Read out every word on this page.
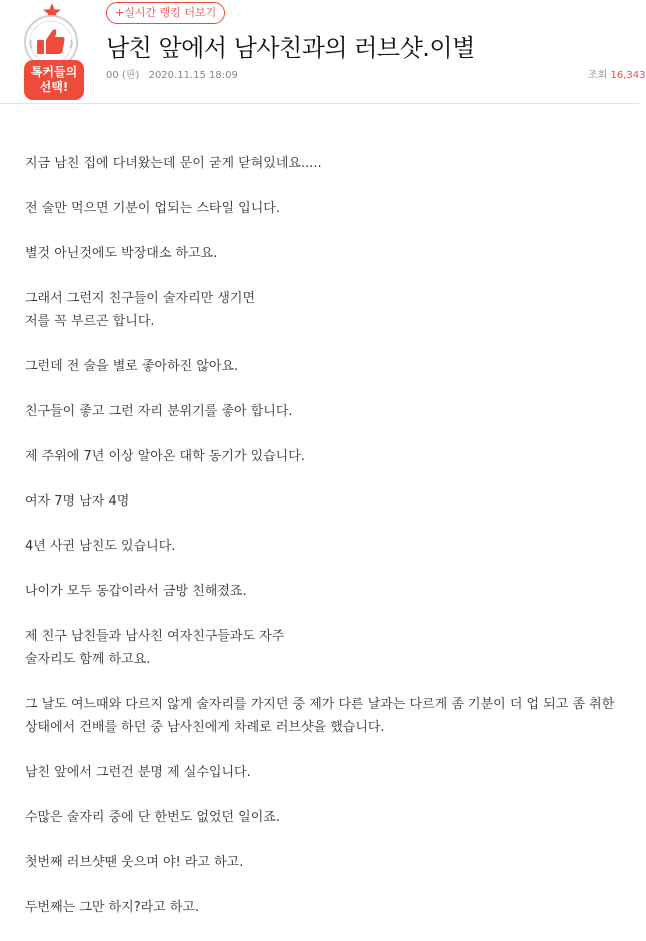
톡커들의
선택!
+실시간 랭킹 더보기
남친 앞에서 남사친과의 러브샷.이별
00 (판) 2020.11.15 18:09	조회 16,343

지금 남친 집에 다녀왔는데 문이 굳게 닫혀있네요.....

전 술만 먹으면 기분이 업되는 스타일 입니다.

별것 아닌것에도 박장대소 하고요.

그래서 그런지 친구들이 술자리만 생기면
저를 꼭 부르곤 합니다.

그런데 전 술을 별로 좋아하진 않아요.

친구들이 좋고 그런 자리 분위기를 좋아 합니다.

제 주위에 7년 이상 알아온 대학 동기가 있습니다.

여자 7명 남자 4명

4년 사귄 남친도 있습니다.

나이가 모두 동갑이라서 금방 친해졌죠.

제 친구 남친들과 남사친 여자친구들과도 자주
술자리도 함께 하고요.

그 날도 여느때와 다르지 않게 술자리를 가지던 중 제가 다른 날과는 다르게 좀 기분이 더 업 되고 좀 취한
상태에서 건배를 하던 중 남사친에게 차례로 러브샷을 했습니다.

남친 앞에서 그런건 분명 제 실수입니다.

수많은 술자리 중에 단 한번도 없었던 일이죠.

첫번째 러브샷땐 웃으며 야! 라고 하고.

두번째는 그만 하지?라고 하고.
